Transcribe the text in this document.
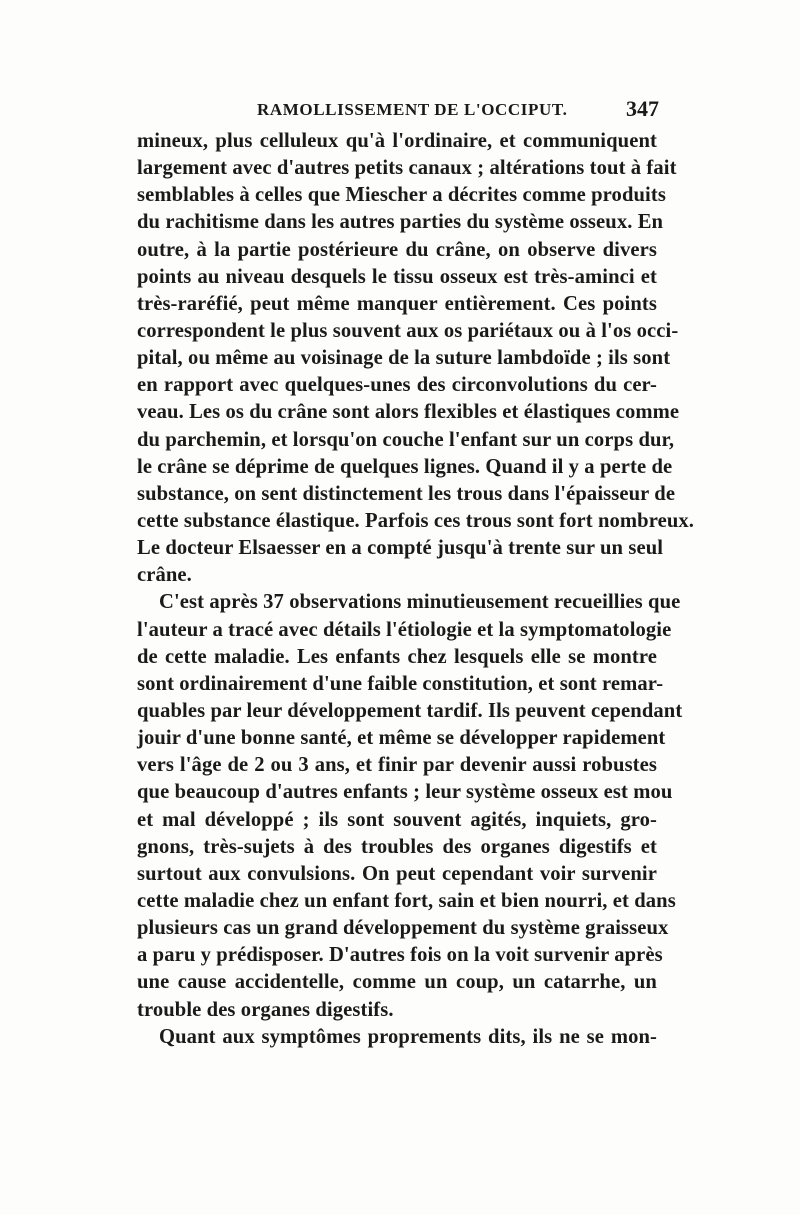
RAMOLLISSEMENT DE L'OCCIPUT.	347
mineux, plus celluleux qu'à l'ordinaire, et communiquent
largement avec d'autres petits canaux ; altérations tout à fait
semblables à celles que Miescher a décrites comme produits
du rachitisme dans les autres parties du système osseux. En
outre, à la partie postérieure du crâne, on observe divers
points au niveau desquels le tissu osseux est très-aminci et
très-raréfié, peut même manquer entièrement. Ces points
correspondent le plus souvent aux os pariétaux ou à l'os occi-
pital, ou même au voisinage de la suture lambdoïde ; ils sont
en rapport avec quelques-unes des circonvolutions du cer-
veau. Les os du crâne sont alors flexibles et élastiques comme
du parchemin, et lorsqu'on couche l'enfant sur un corps dur,
le crâne se déprime de quelques lignes. Quand il y a perte de
substance, on sent distinctement les trous dans l'épaisseur de
cette substance élastique. Parfois ces trous sont fort nombreux.
Le docteur Elsaesser en a compté jusqu'à trente sur un seul
crâne.
C'est après 37 observations minutieusement recueillies que
l'auteur a tracé avec détails l'étiologie et la symptomatologie
de cette maladie. Les enfants chez lesquels elle se montre
sont ordinairement d'une faible constitution, et sont remar-
quables par leur développement tardif. Ils peuvent cependant
jouir d'une bonne santé, et même se développer rapidement
vers l'âge de 2 ou 3 ans, et finir par devenir aussi robustes
que beaucoup d'autres enfants ; leur système osseux est mou
et mal développé ; ils sont souvent agités, inquiets, gro-
gnons, très-sujets à des troubles des organes digestifs et
surtout aux convulsions. On peut cependant voir survenir
cette maladie chez un enfant fort, sain et bien nourri, et dans
plusieurs cas un grand développement du système graisseux
a paru y prédisposer. D'autres fois on la voit survenir après
une cause accidentelle, comme un coup, un catarrhe, un
trouble des organes digestifs.
Quant aux symptômes proprements dits, ils ne se mon-
